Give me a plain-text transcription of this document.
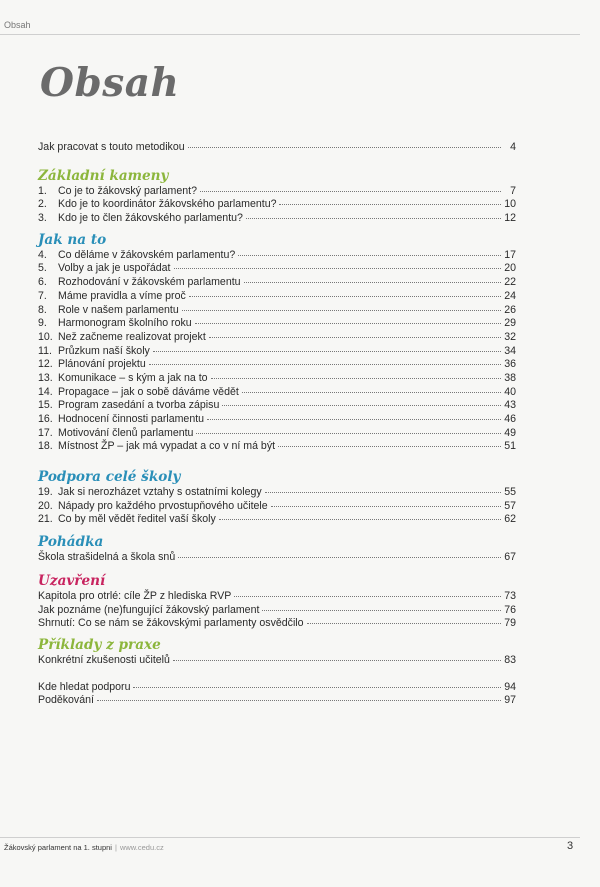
Obsah
Obsah
Jak pracovat s touto metodikou	4
Základní kameny
1.	Co je to žákovský parlament?	7
2.	Kdo je to koordinátor žákovského parlamentu?	10
3.	Kdo je to člen žákovského parlamentu?	12
Jak na to
4.	Co děláme v žákovském parlamentu?	17
5.	Volby a jak je uspořádat	20
6.	Rozhodování v žákovském parlamentu	22
7.	Máme pravidla a víme proč	24
8.	Role v našem parlamentu	26
9.	Harmonogram školního roku	29
10. Než začneme realizovat projekt	32
11. Průzkum naší školy	34
12. Plánování projektu	36
13. Komunikace – s kým a jak na to	38
14. Propagace – jak o sobě dáváme vědět	40
15. Program zasedání a tvorba zápisu	43
16. Hodnocení činnosti parlamentu	46
17. Motivování členů parlamentu	49
18. Místnost ŽP – jak má vypadat a co v ní má být	51
Podpora celé školy
19. Jak si nerozházet vztahy s ostatními kolegy	55
20. Nápady pro každého prvostupňového učitele	57
21. Co by měl vědět ředitel vaší školy	62
Pohádka
Škola strašidelná a škola snů	67
Uzavření
Kapitola pro otrlé: cíle ŽP z hlediska RVP	73
Jak poznáme (ne)fungující žákovský parlament	76
Shrnutí: Co se nám se žákovskými parlamenty osvědčilo	79
Příklady z praxe
Konkrétní zkušenosti učitelů	83
Kde hledat podporu	94
Poděkování	97
Žákovský parlament na 1. stupni | www.cedu.cz	3
